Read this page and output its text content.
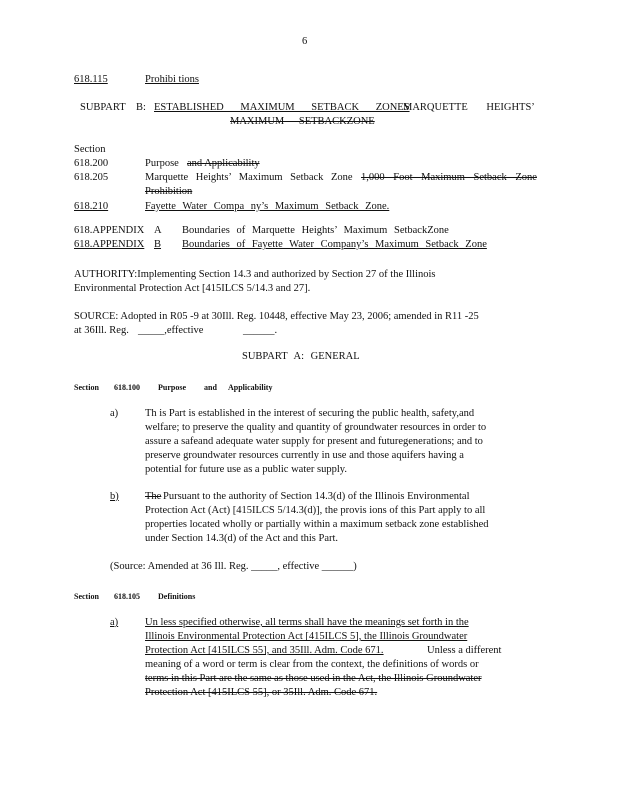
6
618.115	Prohibi tions
SUBPART B: ESTABLISHED MAXIMUM SETBACK ZONES
MARQUETTE HEIGHTS’
MAXIMUM SETBACKZONE
Section
618.200	Purpose and Applicability
618.205	Marquette Heights’ Maximum Setback Zone 1,000 Foot Maximum Setback Zone
Prohibition
618.210	Fayette Water Compa ny’s Maximum Setback Zone.
618.APPENDIX A Boundaries of Marquette Heights’ Maximum SetbackZone
618.APPENDIX B Boundaries of Fayette Water Company’s Maximum Setback Zone
AUTHORITY:Implementing Section 14.3 and authorized by Section 27 of the Illinois
Environmental Protection Act [415ILCS 5/14.3 and 27].
SOURCE: Adopted in R05 -9 at 30Ill. Reg. 10448, effective May 23, 2006; amended in R11 -25
at 36Ill. Reg. _____,effective	______.
SUBPART A: GENERAL
Section 618.100 Purpose and Applicability
a)	Th is Part is established in the interest of securing the public health, safety,and
welfare; to preserve the quality and quantity of groundwater resources in order to
assure a safeand adequate water supply for present and futuregenerations; and to
preserve groundwater resources currently in use and those aquifers having a
potential for future use as a public water supply.
b)	The Pursuant to the authority of Section 14.3(d) of the Illinois Environmental
Protection Act (Act) [415ILCS 5/14.3(d)], the provis ions of this Part apply to all
properties located wholly or partially within a maximum setback zone established
under Section 14.3(d) of the Act and this Part.
(Source: Amended at 36 Ill. Reg. _____, effective ______)
Section 618.105 Definitions
a)	Un less specified otherwise, all terms shall have the meanings set forth in the
Illinois Environmental Protection Act [415ILCS 5], the Illinois Groundwater
Protection Act [415ILCS 55], and 35Ill. Adm. Code 671.	Unless a different
meaning of a word or term is clear from the context, the definitions of words or
terms in this Part are the same as those used in the Act, the Illinois Groundwater
Protection Act [415ILCS 55], or 35Ill. Adm. Code 671.
